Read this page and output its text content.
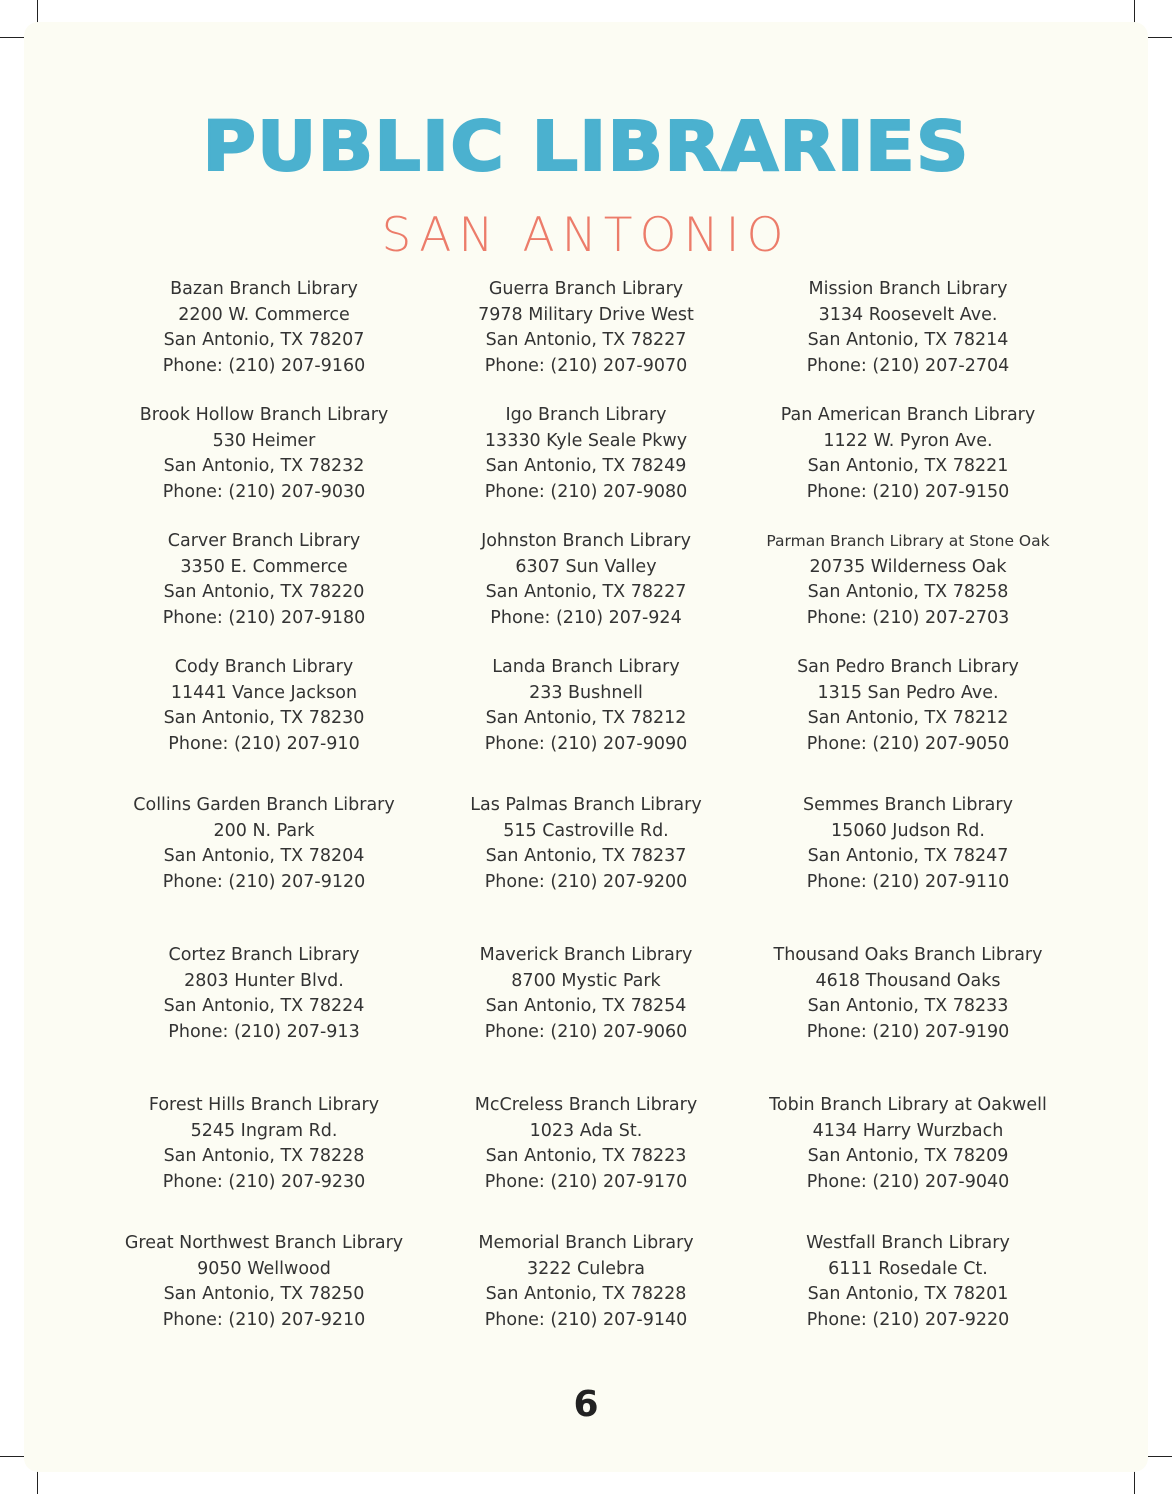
PUBLIC LIBRARIES
SAN ANTONIO
Bazan Branch Library
2200 W. Commerce
San Antonio, TX 78207
Phone: (210) 207-9160
Guerra Branch Library
7978 Military Drive West
San Antonio, TX 78227
Phone: (210) 207-9070
Mission Branch Library
3134 Roosevelt Ave.
San Antonio, TX 78214
Phone: (210) 207-2704
Brook Hollow Branch Library
530 Heimer
San Antonio, TX 78232
Phone: (210) 207-9030
Igo Branch Library
13330 Kyle Seale Pkwy
San Antonio, TX 78249
Phone: (210) 207-9080
Pan American Branch Library
1122 W. Pyron Ave.
San Antonio, TX 78221
Phone: (210) 207-9150
Carver Branch Library
3350 E. Commerce
San Antonio, TX 78220
Phone: (210) 207-9180
Johnston Branch Library
6307 Sun Valley
San Antonio, TX 78227
Phone: (210) 207-924
Parman Branch Library at Stone Oak
20735 Wilderness Oak
San Antonio, TX 78258
Phone: (210) 207-2703
Cody Branch Library
11441 Vance Jackson
San Antonio, TX 78230
Phone: (210) 207-910
Landa Branch Library
233 Bushnell
San Antonio, TX 78212
Phone: (210) 207-9090
San Pedro Branch Library
1315 San Pedro Ave.
San Antonio, TX 78212
Phone: (210) 207-9050
Collins Garden Branch Library
200 N. Park
San Antonio, TX 78204
Phone: (210) 207-9120
Las Palmas Branch Library
515 Castroville Rd.
San Antonio, TX 78237
Phone: (210) 207-9200
Semmes Branch Library
15060 Judson Rd.
San Antonio, TX 78247
Phone: (210) 207-9110
Cortez Branch Library
2803 Hunter Blvd.
San Antonio, TX 78224
Phone: (210) 207-913
Maverick Branch Library
8700 Mystic Park
San Antonio, TX 78254
Phone: (210) 207-9060
Thousand Oaks Branch Library
4618 Thousand Oaks
San Antonio, TX 78233
Phone: (210) 207-9190
Forest Hills Branch Library
5245 Ingram Rd.
San Antonio, TX 78228
Phone: (210) 207-9230
McCreless Branch Library
1023 Ada St.
San Antonio, TX 78223
Phone: (210) 207-9170
Tobin Branch Library at Oakwell
4134 Harry Wurzbach
San Antonio, TX 78209
Phone: (210) 207-9040
Great Northwest Branch Library
9050 Wellwood
San Antonio, TX 78250
Phone: (210) 207-9210
Memorial Branch Library
3222 Culebra
San Antonio, TX 78228
Phone: (210) 207-9140
Westfall Branch Library
6111 Rosedale Ct.
San Antonio, TX 78201
Phone: (210) 207-9220
6
